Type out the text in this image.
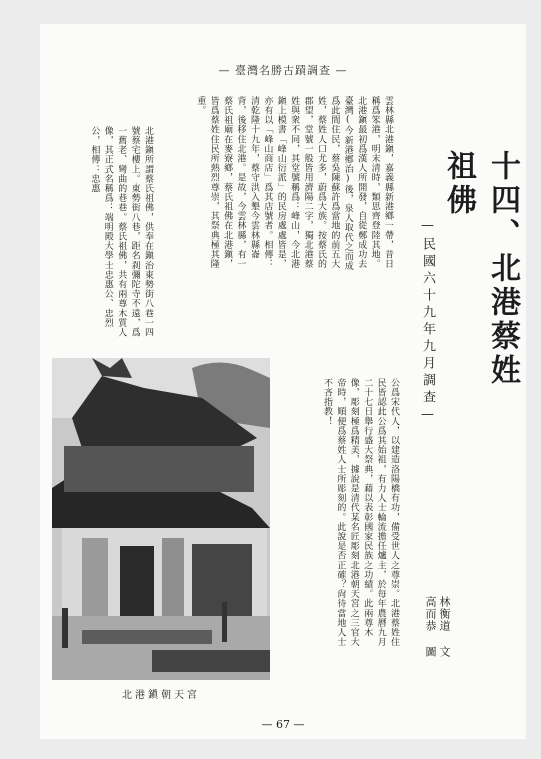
— 臺灣名勝古蹟調查 —
十四、北港蔡姓祖佛
—民國六十九年九月調查—
雲林縣北港鎭，嘉義縣新港鄕一帶，昔日稱爲笨港，明末清時，類思齊登陸其地。北港鎭最初爲漢人所開發，自從鄭成功去臺灣(今新港鄕治)後，泉人取代之而成爲此間住民，蔡吳陳蘇許爲當地的前五大姓，蔡姓人口尤多，蔚爲大族。按蔡氏的郡望，堂號一般皆用濟陽二字，獨北港蔡姓與衆不同，其堂號稱爲：峰山，今北港鎭上模書「峰山衍派」的民房處處皆是，亦有以「峰山商店」爲其店號者。相傳：清乾隆十九年，蔡守洪入墾今雲林縣崙背，後移住北港。是故，今雲林縣，有一蔡氏祖廟在麥寮鄕，蔡氏祖佛在北港鎭，皆爲蔡姓住民所熱烈尊崇，其祭典極其隆重。
北港鎭所謂蔡氏祖佛，供奉在鎭治東勢街八巷一四號蔡宅樓上。東勢街八巷，距名刹彌陀寺不遠，爲一舊老、彎曲的巷巷。蔡氏祖佛，共有兩尊木質人像，其正式名稱爲：端明殿大學士忠惠公、忠烈公，相傳：忠惠
公爲宋代人，以建造洛陽橋有功，備受世人之尊崇。北港蔡姓住民皆認此公爲其始祖，有力人士輪流擔任爐主，於每年農曆九月二十七日舉行盛大祭典，藉以表彰國家民族之功績。此兩尊木像，彫刻極爲精美，據說是清代某名匠彫刻北港朝天宮之三官大帝時，順便爲蔡姓人士所彫刻的。此說是否正確？尙待當地人士不吝指教！
林衡道 文
高而恭 圖
北港鎭朝天宮
— 67 —
